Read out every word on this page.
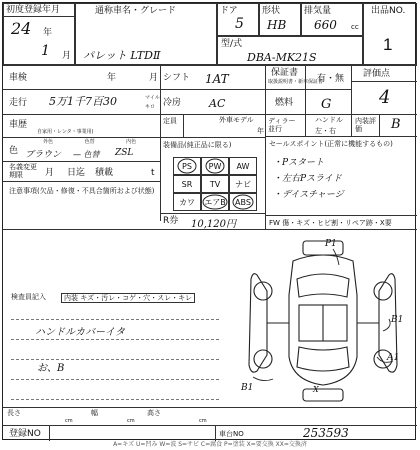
初度登録年月
24 年
1 月
通称車名・グレード
パレット LTDⅡ
ドア
5
形状
HB
排気量
660 cc
型/式
DBA-MK21S
出品NO.
1
車検	年	月
走行 5万1千7百30	マイル
キロ
車歴
自家用・レンタ・事業用(
色
外色 色替 内色
ブラウン — 色替 ZSL
名義変更期限	月 日迄 積載	t
注意事項(欠品・修復・不具合箇所および状態)
シフト 1AT
冷房	AC
定員	外車モデル
年
装備品(純正品に限る)
PS	PW	AW
SR	TV	ナビ
カワ	エアB	ABS
R券 10,120円
保証書
取扱説明書・新車保証書
有・無
燃料 G
ディラー並行
ハンドル
左・右
評価点
4
内装評価	B
セールスポイント(正常に機能するもの)
・Pスタート
・左右Pスライド
・デイスチャージ
FW 傷・キズ・ヒビ割・リペア跡・X要
検査員記入	内装 キズ・汚レ・コゲ・穴・スレ・キレ
ハンドルカバーイタ
お、B
P1
B1
A1
B1	X
長さ
cm
幅
cm
高さ
cm
登録NO	車台NO	253593
A=キズ U=凹み W=波 S=サビ C=腐食 P=塗装 X=要交換 XX=交換済
